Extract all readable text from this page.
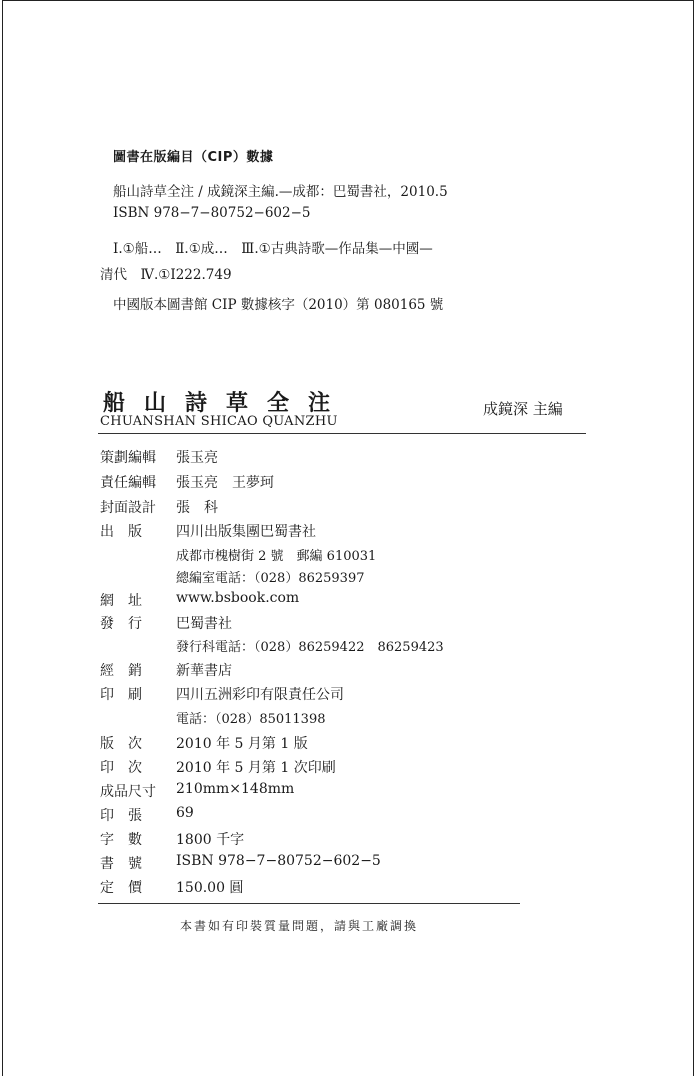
圖書在版編目（CIP）數據
船山詩草全注 / 成鏡深主編.—成都：巴蜀書社，2010.5
ISBN 978−7−80752−602−5
Ⅰ.①船…　Ⅱ.①成…　Ⅲ.①古典詩歌—作品集—中國—
清代　Ⅳ.①I222.749
中國版本圖書館 CIP 數據核字（2010）第 080165 號
船山詩草全注
CHUANSHAN SHICAO QUANZHU
成鏡深 主編
策劃編輯	張玉亮
責任編輯	張玉亮　王夢珂
封面設計	張　科
出　版	四川出版集團巴蜀書社
成都市槐樹街 2 號　郵編 610031
總編室電話：（028）86259397
網　址	www.bsbook.com
發　行	巴蜀書社
發行科電話：（028）86259422　86259423
經　銷	新華書店
印　刷	四川五洲彩印有限責任公司
電話：（028）85011398
版　次	2010 年 5 月第 1 版
印　次	2010 年 5 月第 1 次印刷
成品尺寸	210mm×148mm
印　張	69
字　數	1800 千字
書　號	ISBN 978−7−80752−602−5
定　價	150.00 圓
本書如有印裝質量問題，請與工廠調換
